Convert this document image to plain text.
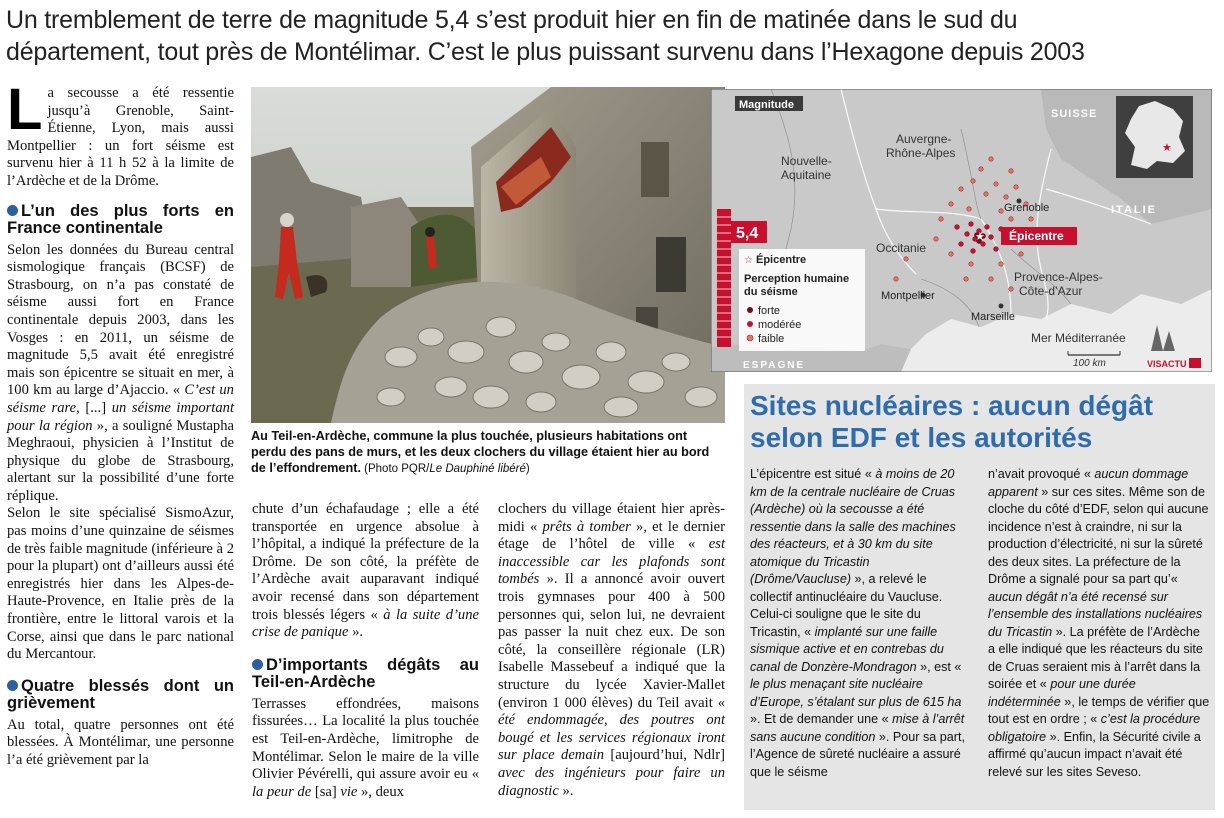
Un tremblement de terre de magnitude 5,4 s’est produit hier en fin de matinée dans le sud du
département, tout près de Montélimar. C’est le plus puissant survenu dans l’Hexagone depuis 2003

La secousse a été ressentie jusqu’à Grenoble, Saint-Étienne, Lyon, mais aussi Montpellier : un fort séisme est survenu hier à 11 h 52 à la limite de l’Ardèche et de la Drôme.

L’un des plus forts en France continentale

Selon les données du Bureau central sismologique français (BCSF) de Strasbourg, on n’a pas constaté de séisme aussi fort en France continentale depuis 2003, dans les Vosges : en 2011, un séisme de magnitude 5,5 avait été enregistré mais son épicentre se situait en mer, à 100 km au large d’Ajaccio. « C’est un séisme rare, [...] un séisme important pour la région », a souligné Mustapha Meghraoui, physicien à l’Institut de physique du globe de Strasbourg, alertant sur la possibilité d’une forte réplique.

Selon le site spécialisé SismoAzur, pas moins d’une quinzaine de séismes de très faible magnitude (inférieure à 2 pour la plupart) ont d’ailleurs aussi été enregistrés hier dans les Alpes-de-Haute-Provence, en Italie près de la frontière, entre le littoral varois et la Corse, ainsi que dans le parc national du Mercantour.

Quatre blessés dont un grièvement

Au total, quatre personnes ont été blessées. À Montélimar, une personne l’a été grièvement par la

Au Teil-en-Ardèche, commune la plus touchée, plusieurs habitations ont perdu des pans de murs, et les deux clochers du village étaient hier au bord de l’effondrement. (Photo PQR/Le Dauphiné libéré)

chute d’un échafaudage ; elle a été transportée en urgence absolue à l’hôpital, a indiqué la préfecture de la Drôme. De son côté, la préfète de l’Ardèche avait auparavant indiqué avoir recensé dans son département trois blessés légers « à la suite d’une crise de panique ».

D’importants dégâts au Teil-en-Ardèche

Terrasses effondrées, maisons fissurées… La localité la plus touchée est Teil-en-Ardèche, limitrophe de Montélimar. Selon le maire de la ville Olivier Pévérelli, qui assure avoir eu « la peur de [sa] vie », deux

clochers du village étaient hier après-midi « prêts à tomber », et le dernier étage de l’hôtel de ville « est inaccessible car les plafonds sont tombés ». Il a annoncé avoir ouvert trois gymnases pour 400 à 500 personnes qui, selon lui, ne devraient pas passer la nuit chez eux. De son côté, la conseillère régionale (LR) Isabelle Massebeuf a indiqué que la structure du lycée Xavier-Mallet (environ 1 000 élèves) du Teil avait « été endommagée, des poutres ont bougé et les services régionaux iront sur place demain [aujourd’hui, Ndlr] avec des ingénieurs pour faire un diagnostic ».

Magnitude
5,4
★
SUISSE
ITALIE
ESPAGNE
Mer Méditerranée
Auvergne-Rhône-Alpes
Nouvelle-Aquitaine
Occitanie
Provence-Alpes-Côte-d’Azur
★ Épicentre
Grenoble
Montpellier
Marseille
☆ Épicentre
Perception humaine du séisme
forte
modérée
faible
100 km	VISACTU
Sites nucléaires : aucun dégât selon EDF et les autorités
L’épicentre est situé « à moins de 20 km de la centrale nucléaire de Cruas (Ardèche) où la secousse a été ressentie dans la salle des machines des réacteurs, et à 30 km du site atomique du Tricastin (Drôme/Vaucluse) », a relevé le collectif antinucléaire du Vaucluse. Celui-ci souligne que le site du Tricastin, « implanté sur une faille sismique active et en contrebas du canal de Donzère-Mondragon », est « le plus menaçant site nucléaire d’Europe, s’étalant sur plus de 615 ha ». Et de demander une « mise à l’arrêt sans aucune condition ». Pour sa part, l’Agence de sûreté nucléaire a assuré que le séisme
n’avait provoqué « aucun dommage apparent » sur ces sites. Même son de cloche du côté d’EDF, selon qui aucune incidence n’est à craindre, ni sur la production d’électricité, ni sur la sûreté des deux sites. La préfecture de la Drôme a signalé pour sa part qu’« aucun dégât n’a été recensé sur l’ensemble des installations nucléaires du Tricastin ». La préfète de l’Ardèche a elle indiqué que les réacteurs du site de Cruas seraient mis à l’arrêt dans la soirée et « pour une durée indéterminée », le temps de vérifier que tout est en ordre ; « c’est la procédure obligatoire ». Enfin, la Sécurité civile a affirmé qu’aucun impact n’avait été relevé sur les sites Seveso.
